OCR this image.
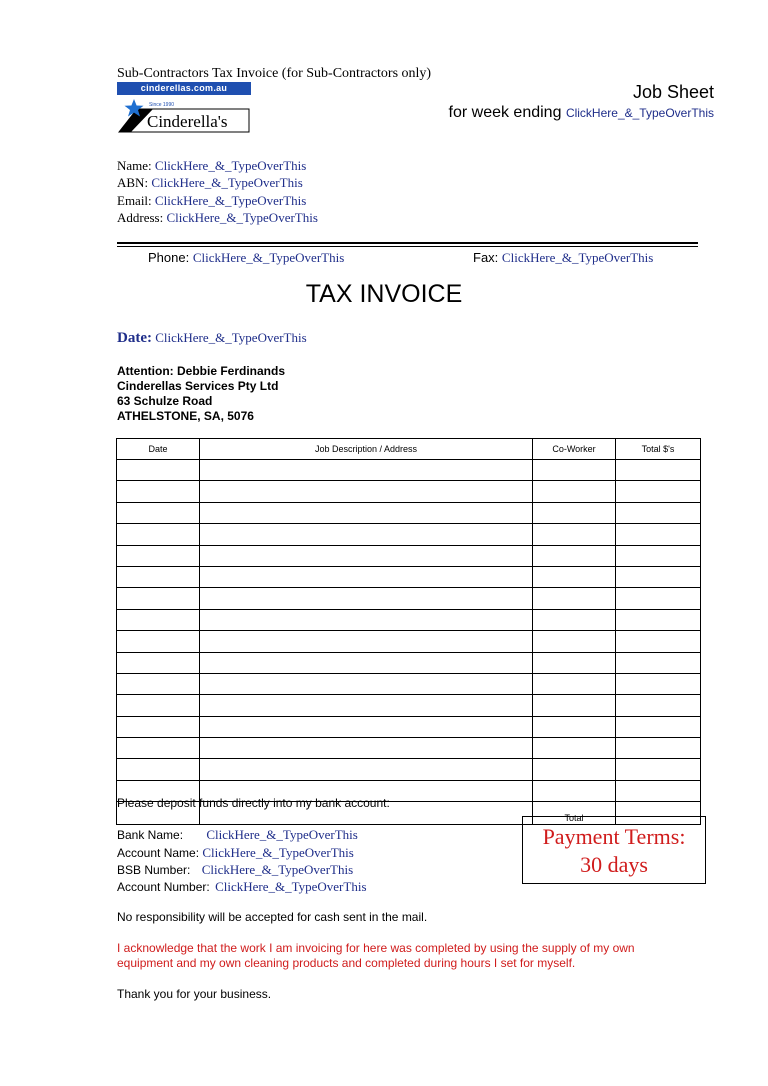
Sub-Contractors Tax Invoice (for Sub-Contractors only)
cinderellas.com.au
Since 1990
Cinderella's
Job Sheet
for week ending ClickHere_&_TypeOverThis
Name: ClickHere_&_TypeOverThis
ABN: ClickHere_&_TypeOverThis
Email: ClickHere_&_TypeOverThis
Address: ClickHere_&_TypeOverThis
Phone: ClickHere_&_TypeOverThis	Fax: ClickHere_&_TypeOverThis
TAX INVOICE
Date: ClickHere_&_TypeOverThis
Attention: Debbie Ferdinands
Cinderellas Services Pty Ltd
63 Schulze Road
ATHELSTONE, SA, 5076
Date	Job Description / Address	Co-Worker	Total $'s

		Total	
Please deposit funds directly into my bank account:
Bank Name: ClickHere_&_TypeOverThis
Account Name: ClickHere_&_TypeOverThis
BSB Number: ClickHere_&_TypeOverThis
Account Number: ClickHere_&_TypeOverThis
Payment Terms:
30 days
No responsibility will be accepted for cash sent in the mail.
I acknowledge that the work I am invoicing for here was completed by using the supply of my own equipment and my own cleaning products and completed during hours I set for myself.
Thank you for your business.
